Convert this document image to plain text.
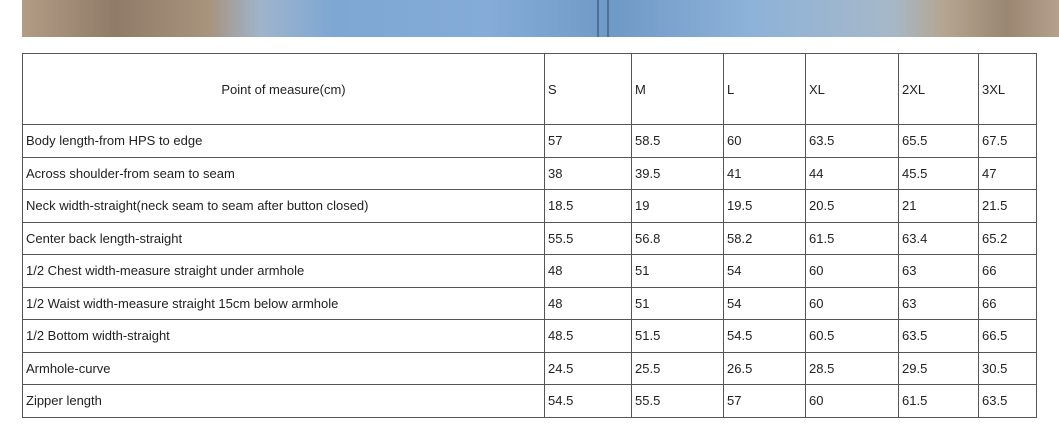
Point of measure(cm)	S	M	L	XL	2XL	3XL
Body length-from HPS to edge	57	58.5	60	63.5	65.5	67.5
Across shoulder-from seam to seam	38	39.5	41	44	45.5	47
Neck width-straight(neck seam to seam after button closed)	18.5	19	19.5	20.5	21	21.5
Center back length-straight	55.5	56.8	58.2	61.5	63.4	65.2
1/2 Chest width-measure straight under armhole	48	51	54	60	63	66
1/2 Waist width-measure straight 15cm below armhole	48	51	54	60	63	66
1/2 Bottom width-straight	48.5	51.5	54.5	60.5	63.5	66.5
Armhole-curve	24.5	25.5	26.5	28.5	29.5	30.5
Zipper length	54.5	55.5	57	60	61.5	63.5
